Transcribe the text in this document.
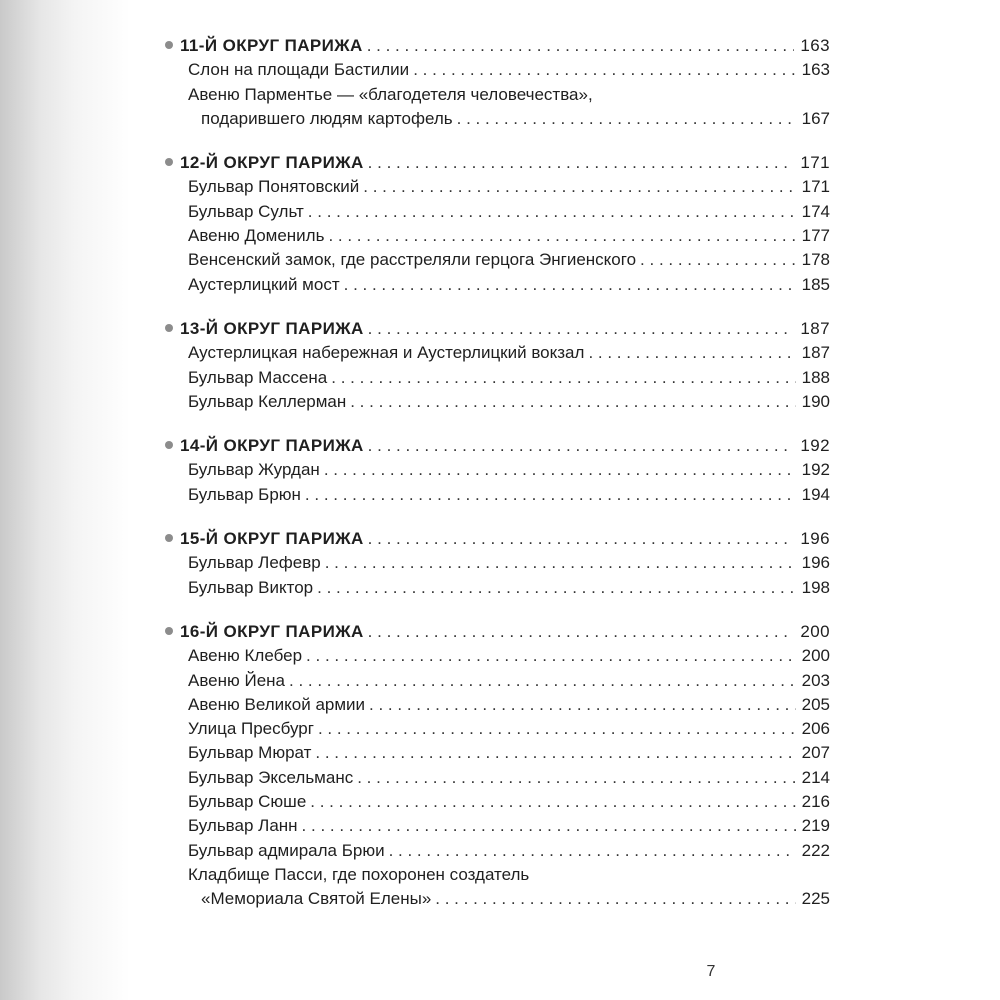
11-Й ОКРУГ ПАРИЖА . . .	163
Слон на площади Бастилии . . .	163
Авеню Парментье — «благодетеля человечества»,
подарившего людям картофель . . .	167
12-Й ОКРУГ ПАРИЖА . . .	171
Бульвар Понятовский . . .	171
Бульвар Сульт . . .	174
Авеню Домениль . . .	177
Венсенский замок, где расстреляли герцога Энгиенского . . .	178
Аустерлицкий мост . . .	185
13-Й ОКРУГ ПАРИЖА . . .	187
Аустерлицкая набережная и Аустерлицкий вокзал . . .	187
Бульвар Массена . . .	188
Бульвар Келлерман . . .	190
14-Й ОКРУГ ПАРИЖА . . .	192
Бульвар Журдан . . .	192
Бульвар Брюн . . .	194
15-Й ОКРУГ ПАРИЖА . . .	196
Бульвар Лефевр . . .	196
Бульвар Виктор . . .	198
16-Й ОКРУГ ПАРИЖА . . .	200
Авеню Клебер . . .	200
Авеню Йена . . .	203
Авеню Великой армии . . .	205
Улица Пресбург . . .	206
Бульвар Мюрат . . .	207
Бульвар Эксельманс . . .	214
Бульвар Сюше . . .	216
Бульвар Ланн . . .	219
Бульвар адмирала Брюи . . .	222
Кладбище Пасси, где похоронен создатель
«Мемориала Святой Елены» . . .	225
7
